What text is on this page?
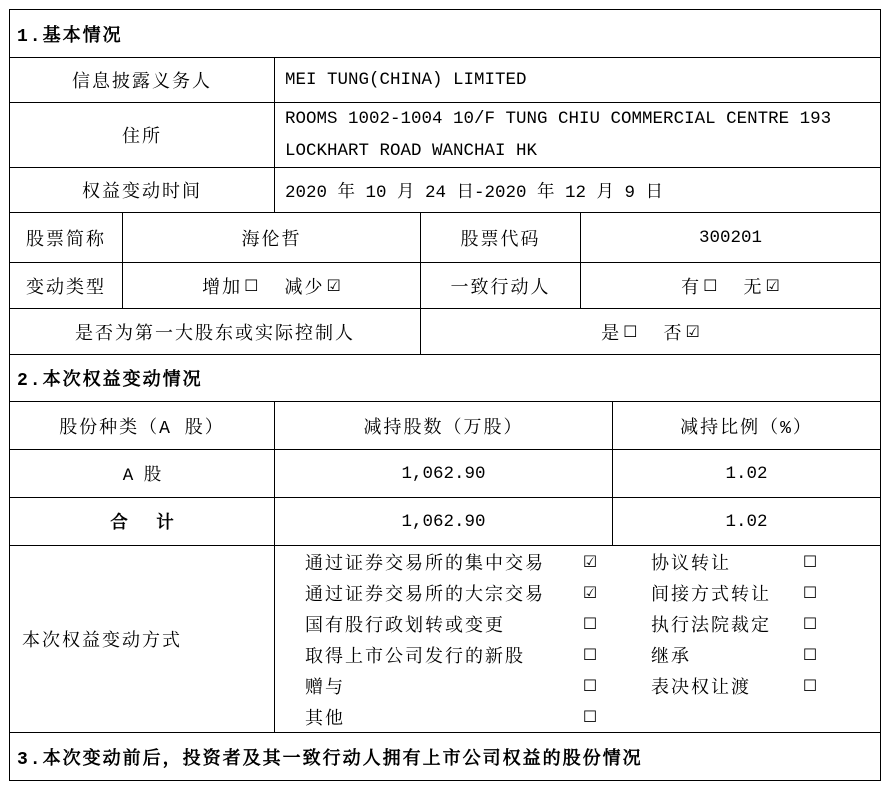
1.基本情况
信息披露义务人	MEI TUNG(CHINA) LIMITED
住所
ROOMS 1002-1004 10/F TUNG CHIU COMMERCIAL CENTRE 193
LOCKHART ROAD WANCHAI HK
权益变动时间	2020 年 10 月 24 日-2020 年 12 月 9 日
股票简称	海伦哲	股票代码	300201
变动类型	增加 ☐ 减少 ☑	一致行动人	有 ☐ 无 ☑
是否为第一大股东或实际控制人	是 ☐ 否 ☑
2.本次权益变动情况
股份种类（A 股）	减持股数（万股）	减持比例（%）
A 股	1,062.90	1.02
合 计	1,062.90	1.02
本次权益变动方式
通过证券交易所的集中交易	☑	协议转让	☐
通过证券交易所的大宗交易	☑	间接方式转让	☐
国有股行政划转或变更	☐	执行法院裁定	☐
取得上市公司发行的新股	☐	继承	☐
赠与	☐	表决权让渡	☐
其他	☐
3.本次变动前后，投资者及其一致行动人拥有上市公司权益的股份情况
